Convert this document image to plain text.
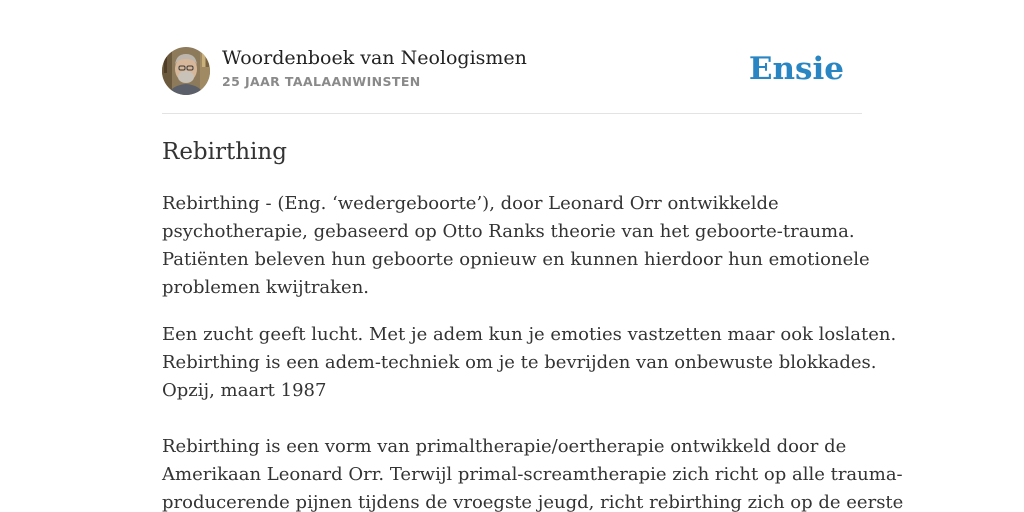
Woordenboek van Neologismen
25 JAAR TAALAANWINSTEN	Ensie
Rebirthing

Rebirthing - (Eng. ‘wedergeboorte’), door Leonard Orr ontwikkelde

psychotherapie, gebaseerd op Otto Ranks theorie van het geboorte-trauma.

Patiënten beleven hun geboorte opnieuw en kunnen hierdoor hun emotionele

problemen kwijtraken.

Een zucht geeft lucht. Met je adem kun je emoties vastzetten maar ook loslaten.

Rebirthing is een adem-techniek om je te bevrijden van onbewuste blokkades.

Opzij, maart 1987

Rebirthing is een vorm van primaltherapie/oertherapie ontwikkeld door de

Amerikaan Leonard Orr. Terwijl primal-screamtherapie zich richt op alle trauma-

producerende pijnen tijdens de vroegste jeugd, richt rebirthing zich op de eerste
